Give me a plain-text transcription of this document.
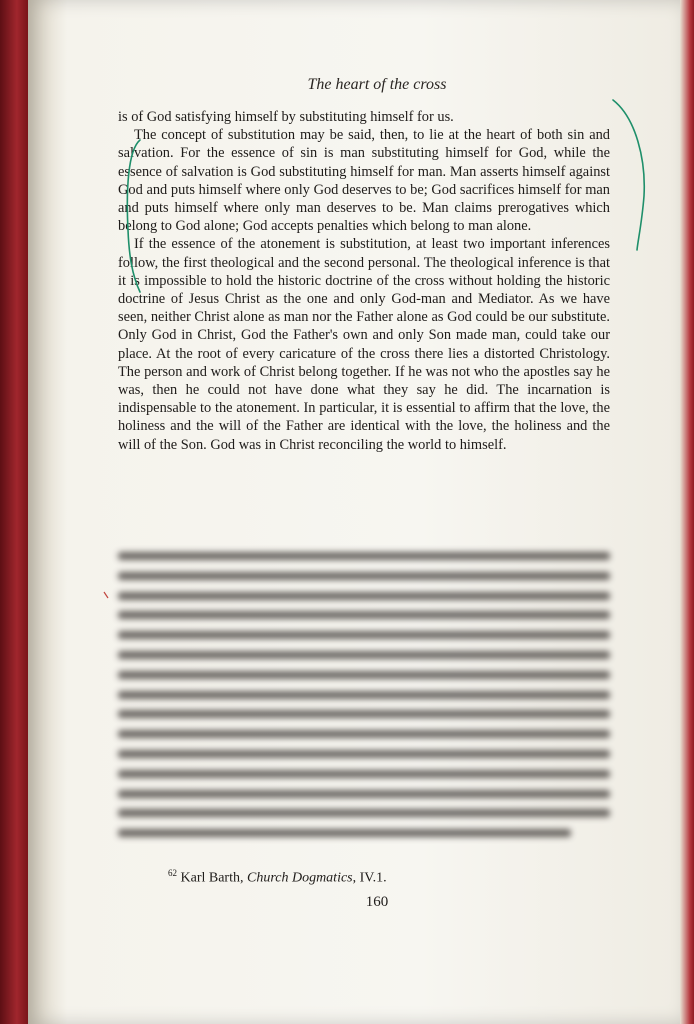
The heart of the cross

is of God satisfying himself by substituting himself for us.

The concept of substitution may be said, then, to lie at the heart of both sin and salvation. For the essence of sin is man substituting himself for God, while the essence of salvation is God substituting himself for man. Man asserts himself against God and puts himself where only God deserves to be; God sacrifices himself for man and puts himself where only man deserves to be. Man claims prerogatives which belong to God alone; God accepts penalties which belong to man alone.

If the essence of the atonement is substitution, at least two important inferences follow, the first theological and the second personal. The theological inference is that it is impossible to hold the historic doctrine of the cross without holding the historic doctrine of Jesus Christ as the one and only God-man and Mediator. As we have seen, neither Christ alone as man nor the Father alone as God could be our substitute. Only God in Christ, God the Father's own and only Son made man, could take our place. At the root of every caricature of the cross there lies a distorted Christology. The person and work of Christ belong together. If he was not who the apostles say he was, then he could not have done what they say he did. The incarnation is indispensable to the atonement. In particular, it is essential to affirm that the love, the holiness and the will of the Father are identical with the love, the holiness and the will of the Son. God was in Christ reconciling the world to himself.

$^{62}$ Karl Barth, Church Dogmatics, IV.1.
160
